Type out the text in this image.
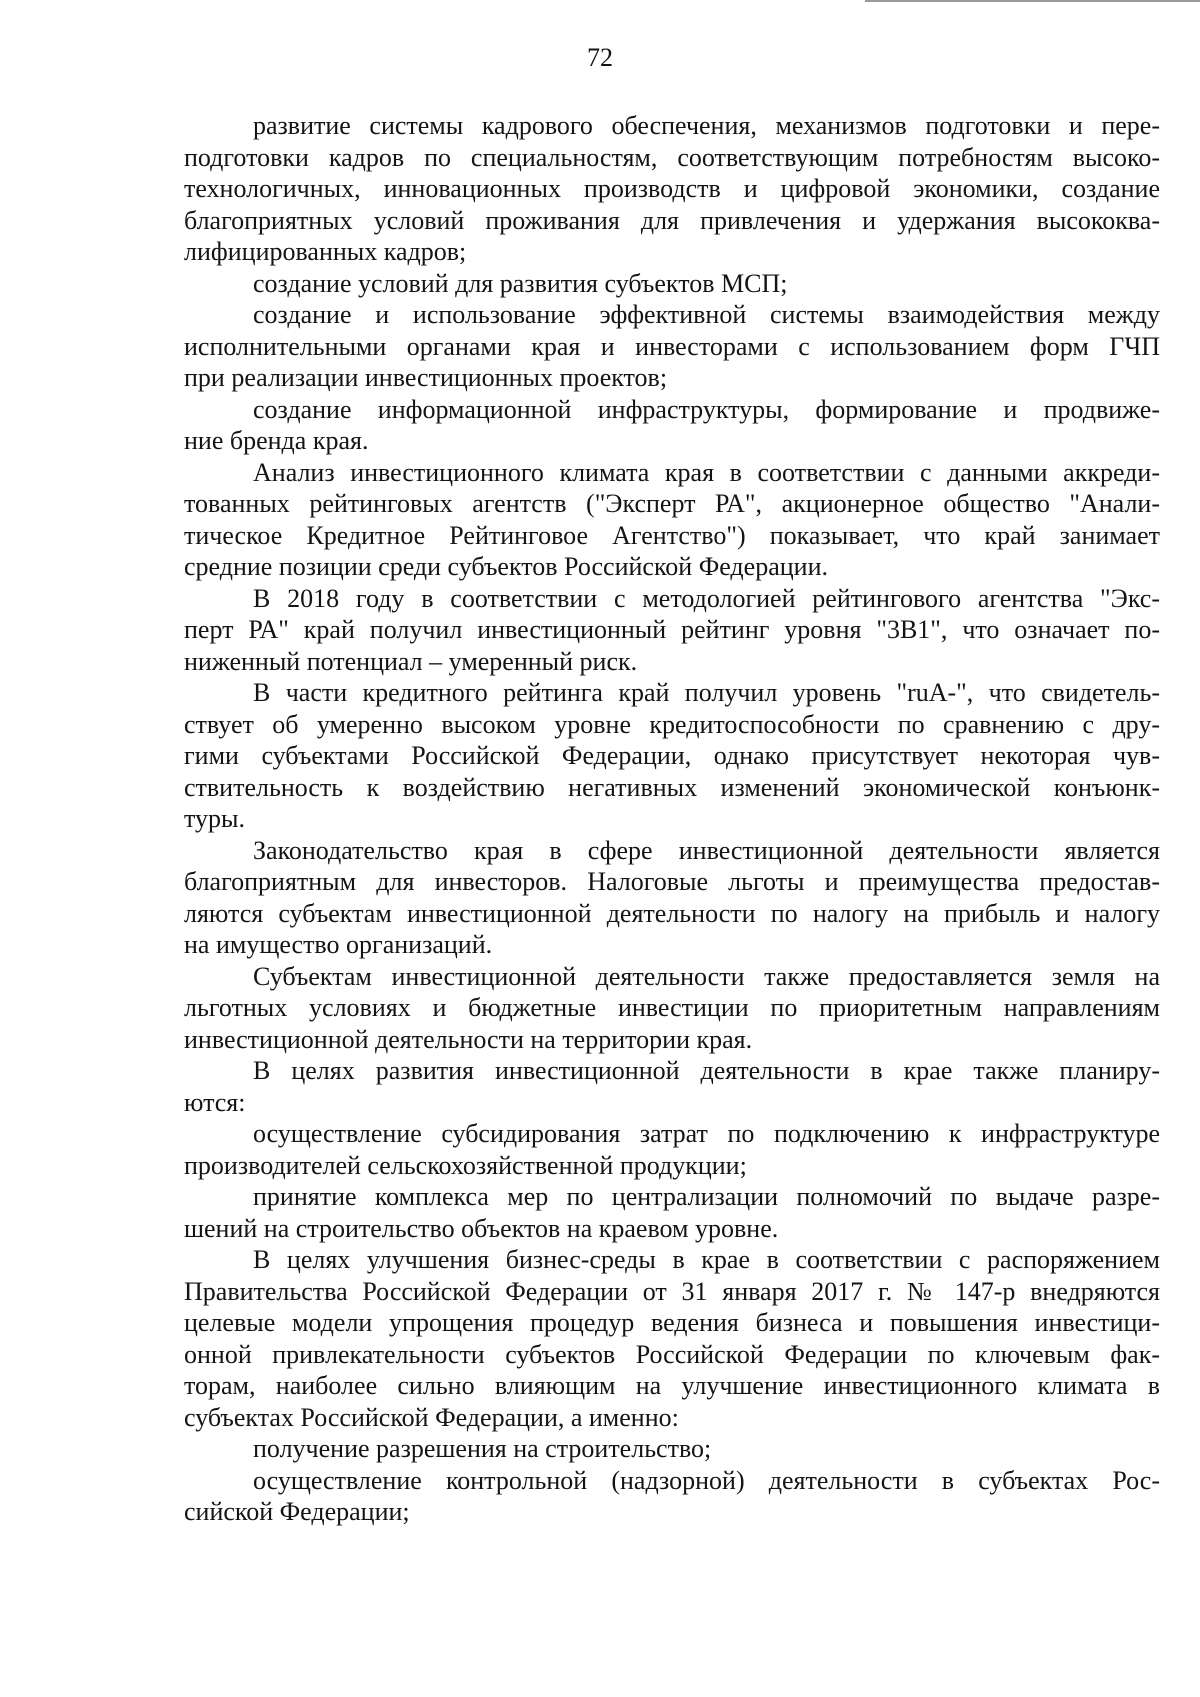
72
развитие системы кадрового обеспечения, механизмов подготовки и пере-
подготовки кадров по специальностям, соответствующим потребностям высоко-
технологичных, инновационных производств и цифровой экономики, создание
благоприятных условий проживания для привлечения и удержания высококва-
лифицированных кадров;
создание условий для развития субъектов МСП;
создание и использование эффективной системы взаимодействия между
исполнительными органами края и инвесторами с использованием форм ГЧП
при реализации инвестиционных проектов;
создание информационной инфраструктуры, формирование и продвиже-
ние бренда края.
Анализ инвестиционного климата края в соответствии с данными аккреди-
тованных рейтинговых агентств ("Эксперт РА", акционерное общество "Анали-
тическое Кредитное Рейтинговое Агентство") показывает, что край занимает
средние позиции среди субъектов Российской Федерации.
В 2018 году в соответствии с методологией рейтингового агентства "Экс-
перт РА" край получил инвестиционный рейтинг уровня "3В1", что означает по-
ниженный потенциал – умеренный риск.
В части кредитного рейтинга край получил уровень "ruA-", что свидетель-
ствует об умеренно высоком уровне кредитоспособности по сравнению с дру-
гими субъектами Российской Федерации, однако присутствует некоторая чув-
ствительность к воздействию негативных изменений экономической конъюнк-
туры.
Законодательство края в сфере инвестиционной деятельности является
благоприятным для инвесторов. Налоговые льготы и преимущества предостав-
ляются субъектам инвестиционной деятельности по налогу на прибыль и налогу
на имущество организаций.
Субъектам инвестиционной деятельности также предоставляется земля на
льготных условиях и бюджетные инвестиции по приоритетным направлениям
инвестиционной деятельности на территории края.
В целях развития инвестиционной деятельности в крае также планиру-
ются:
осуществление субсидирования затрат по подключению к инфраструктуре
производителей сельскохозяйственной продукции;
принятие комплекса мер по централизации полномочий по выдаче разре-
шений на строительство объектов на краевом уровне.
В целях улучшения бизнес-среды в крае в соответствии с распоряжением
Правительства Российской Федерации от 31 января 2017 г. № 147-р внедряются
целевые модели упрощения процедур ведения бизнеса и повышения инвестици-
онной привлекательности субъектов Российской Федерации по ключевым фак-
торам, наиболее сильно влияющим на улучшение инвестиционного климата в
субъектах Российской Федерации, а именно:
получение разрешения на строительство;
осуществление контрольной (надзорной) деятельности в субъектах Рос-
сийской Федерации;
